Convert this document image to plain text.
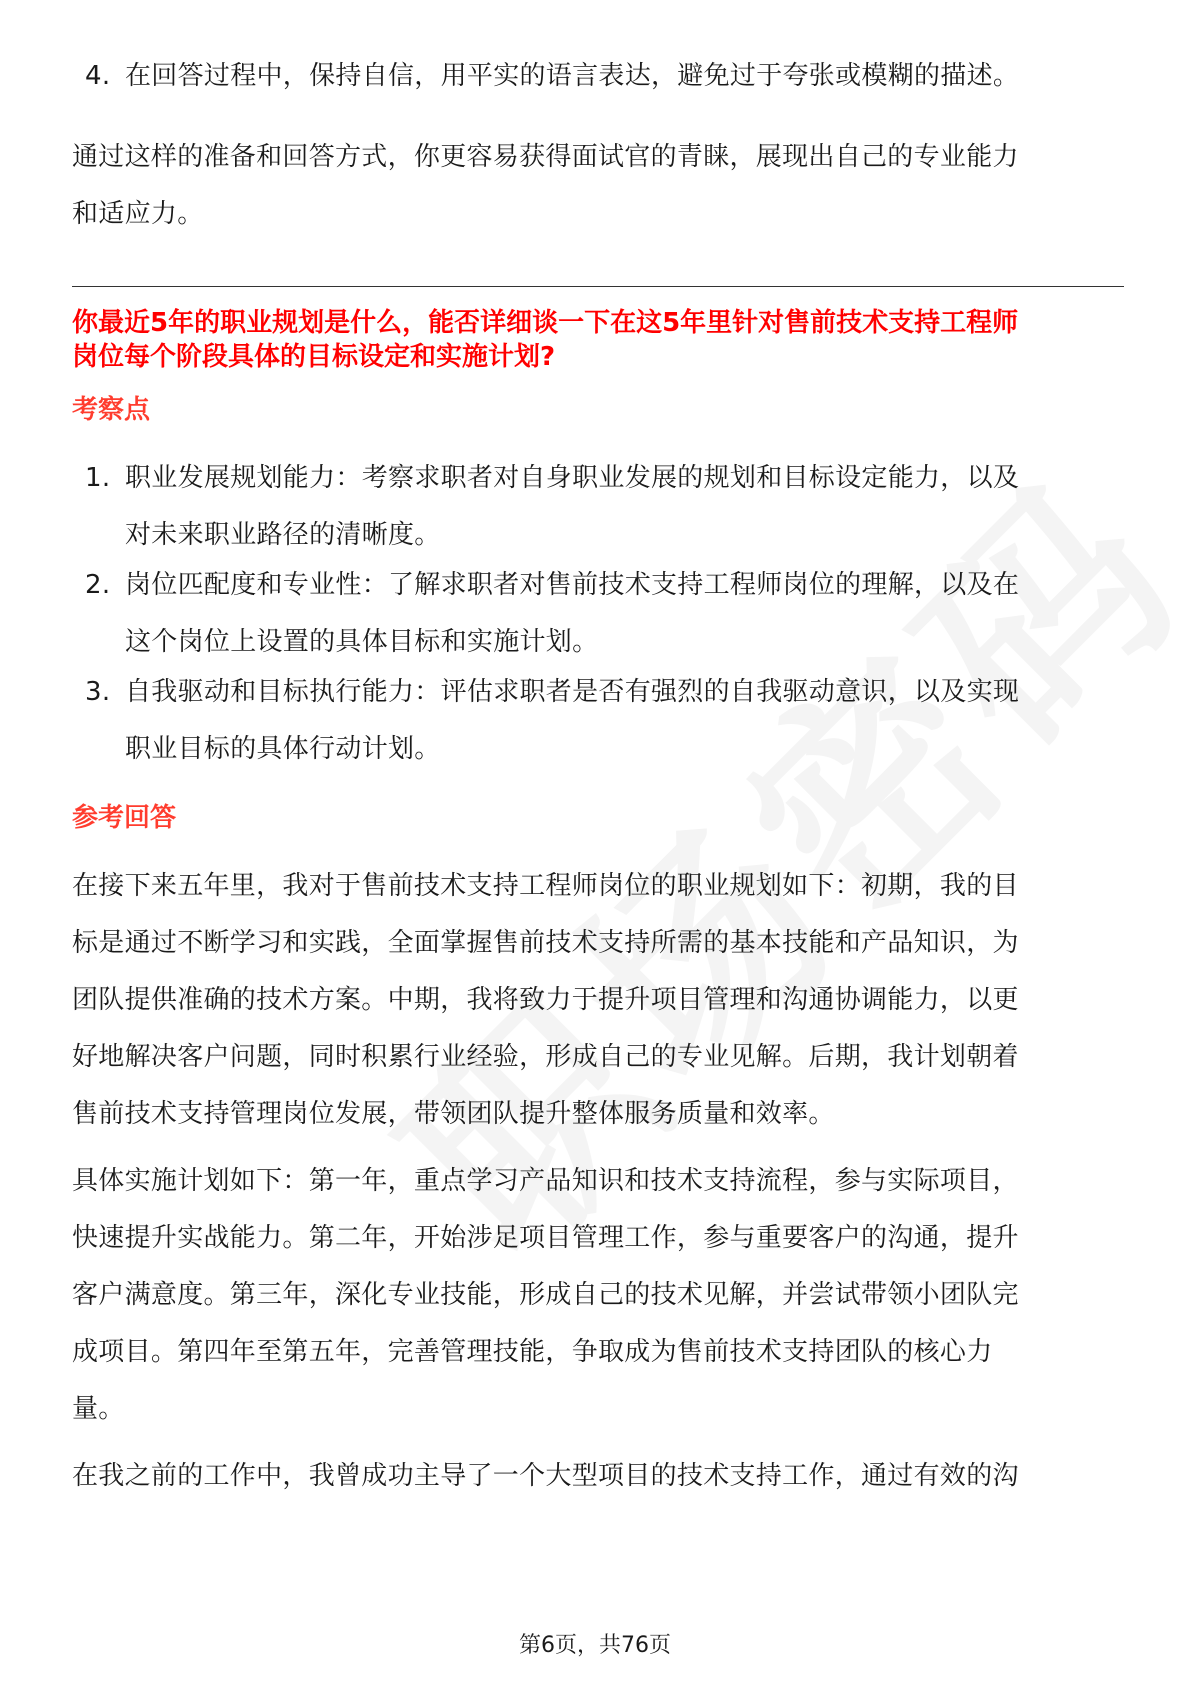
4. 在回答过程中，保持自信，用平实的语言表达，避免过于夸张或模糊的描述。

通过这样的准备和回答方式，你更容易获得面试官的青睐，展现出自己的专业能力

和适应力。

你最近5年的职业规划是什么，能否详细谈一下在这5年里针对售前技术支持工程师

岗位每个阶段具体的目标设定和实施计划?

考察点

1. 职业发展规划能力：考察求职者对自身职业发展的规划和目标设定能力，以及
对未来职业路径的清晰度。
2. 岗位匹配度和专业性：了解求职者对售前技术支持工程师岗位的理解，以及在
这个岗位上设置的具体目标和实施计划。
3. 自我驱动和目标执行能力：评估求职者是否有强烈的自我驱动意识，以及实现
职业目标的具体行动计划。

参考回答

在接下来五年里，我对于售前技术支持工程师岗位的职业规划如下：初期，我的目

标是通过不断学习和实践，全面掌握售前技术支持所需的基本技能和产品知识，为

团队提供准确的技术方案。中期，我将致力于提升项目管理和沟通协调能力，以更

好地解决客户问题，同时积累行业经验，形成自己的专业见解。后期，我计划朝着

售前技术支持管理岗位发展，带领团队提升整体服务质量和效率。

具体实施计划如下：第一年，重点学习产品知识和技术支持流程，参与实际项目，

快速提升实战能力。第二年，开始涉足项目管理工作，参与重要客户的沟通，提升

客户满意度。第三年，深化专业技能，形成自己的技术见解，并尝试带领小团队完

成项目。第四年至第五年，完善管理技能，争取成为售前技术支持团队的核心力

量。

在我之前的工作中，我曾成功主导了一个大型项目的技术支持工作，通过有效的沟

第6页，共76页
